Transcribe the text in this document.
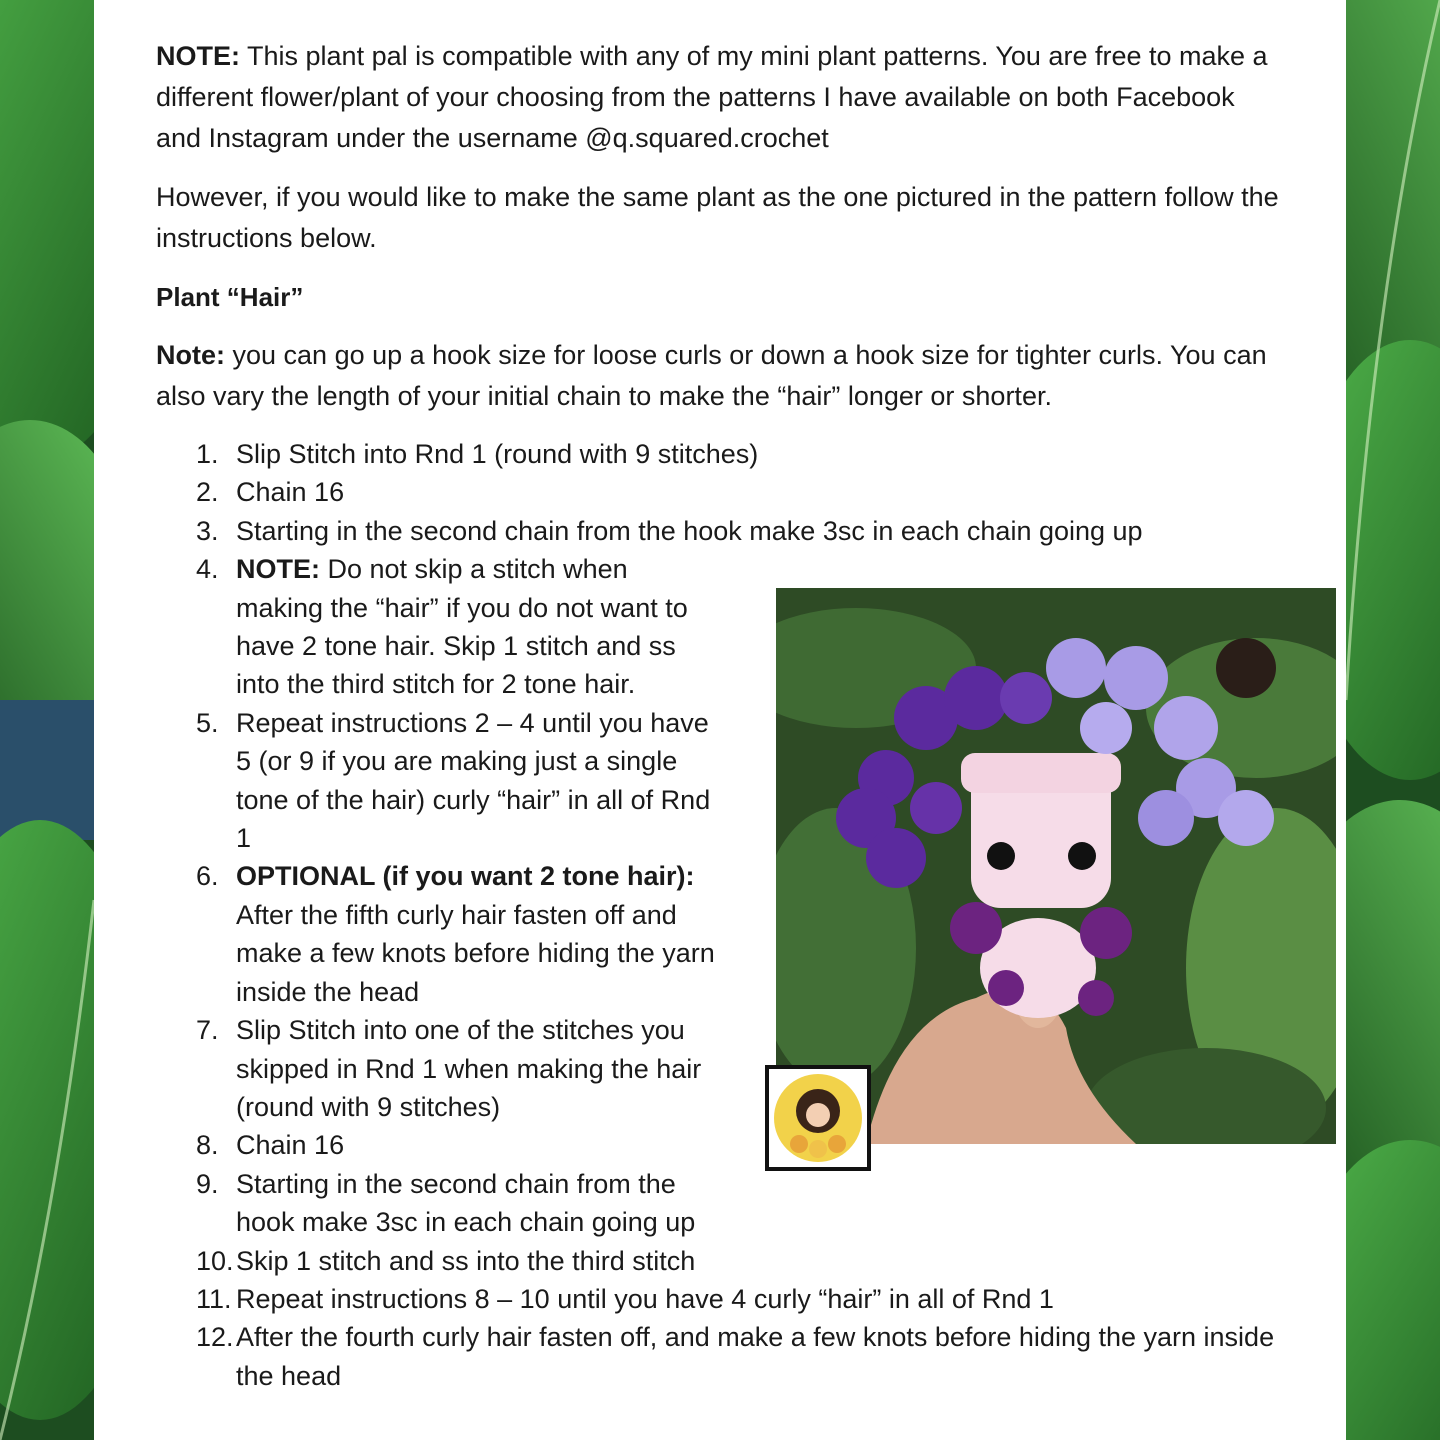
NOTE: This plant pal is compatible with any of my mini plant patterns. You are free to make a different flower/plant of your choosing from the patterns I have available on both Facebook and Instagram under the username @q.squared.crochet

However, if you would like to make the same plant as the one pictured in the pattern follow the instructions below.

Plant “Hair”

Note: you can go up a hook size for loose curls or down a hook size for tighter curls. You can also vary the length of your initial chain to make the “hair” longer or shorter.

1. Slip Stitch into Rnd 1 (round with 9 stitches)
2. Chain 16
3. Starting in the second chain from the hook make 3sc in each chain going up
4. NOTE: Do not skip a stitch when making the “hair” if you do not want to have 2 tone hair. Skip 1 stitch and ss into the third stitch for 2 tone hair.
5. Repeat instructions 2 – 4 until you have 5 (or 9 if you are making just a single tone of the hair) curly “hair” in all of Rnd 1
6. OPTIONAL (if you want 2 tone hair): After the fifth curly hair fasten off and make a few knots before hiding the yarn inside the head
7. Slip Stitch into one of the stitches you skipped in Rnd 1 when making the hair (round with 9 stitches)
8. Chain 16
9. Starting in the second chain from the hook make 3sc in each chain going up
10. Skip 1 stitch and ss into the third stitch
11. Repeat instructions 8 – 10 until you have 4 curly “hair” in all of Rnd 1
12. After the fourth curly hair fasten off, and make a few knots before hiding the yarn inside the head
